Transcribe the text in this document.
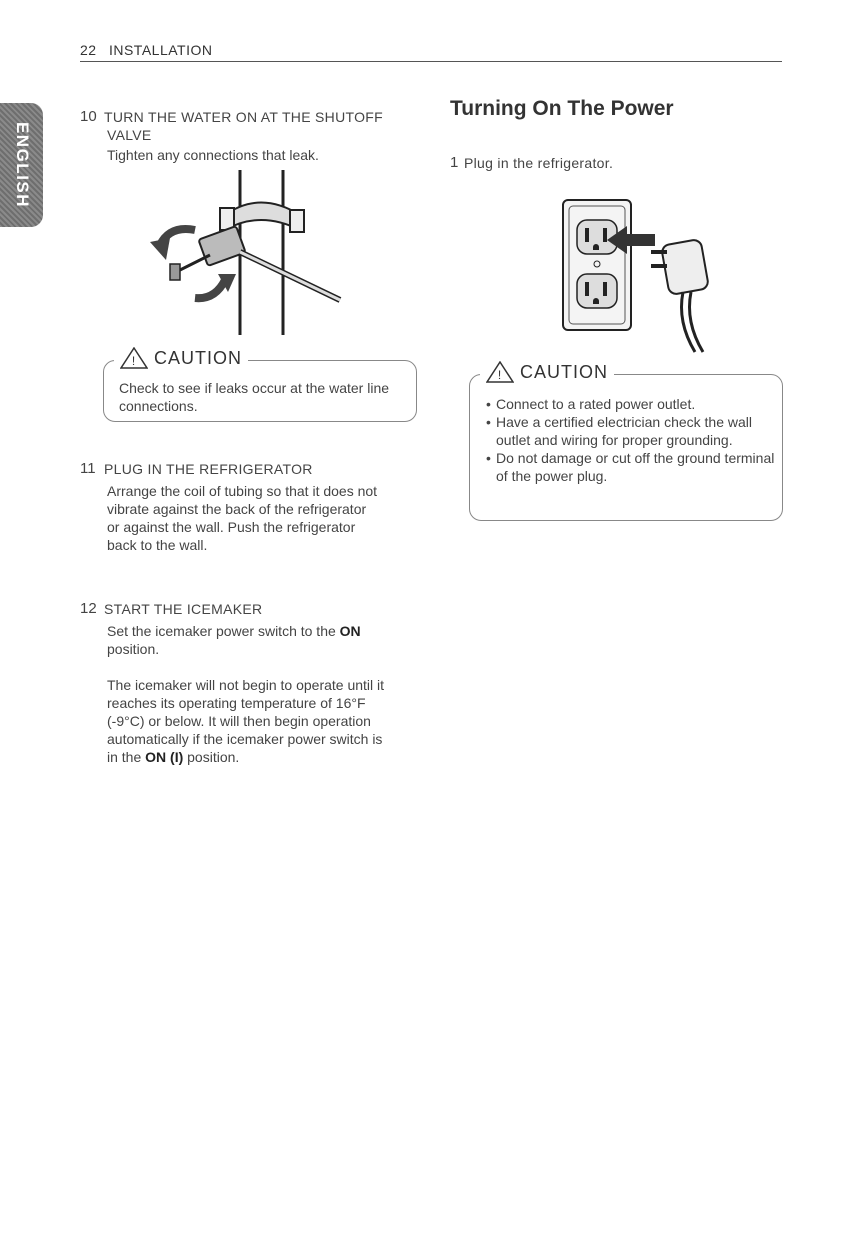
22 INSTALLATION
ENGLISH
10 TURN THE WATER ON AT THE SHUTOFF
VALVE
Tighten any connections that leak.
! CAUTION
Check to see if leaks occur at the water line connections.
11 PLUG IN THE REFRIGERATOR
Arrange the coil of tubing so that it does not vibrate against the back of the refrigerator or against the wall. Push the refrigerator back to the wall.
12 START THE ICEMAKER
Set the icemaker power switch to the ON position.
The icemaker will not begin to operate until it reaches its operating temperature of 16°F (-9°C) or below. It will then begin operation automatically if the icemaker power switch is in the ON (I) position.
Turning On The Power
1 Plug in the refrigerator.
! CAUTION
• Connect to a rated power outlet.
• Have a certified electrician check the wall outlet and wiring for proper grounding.
• Do not damage or cut off the ground terminal of the power plug.
